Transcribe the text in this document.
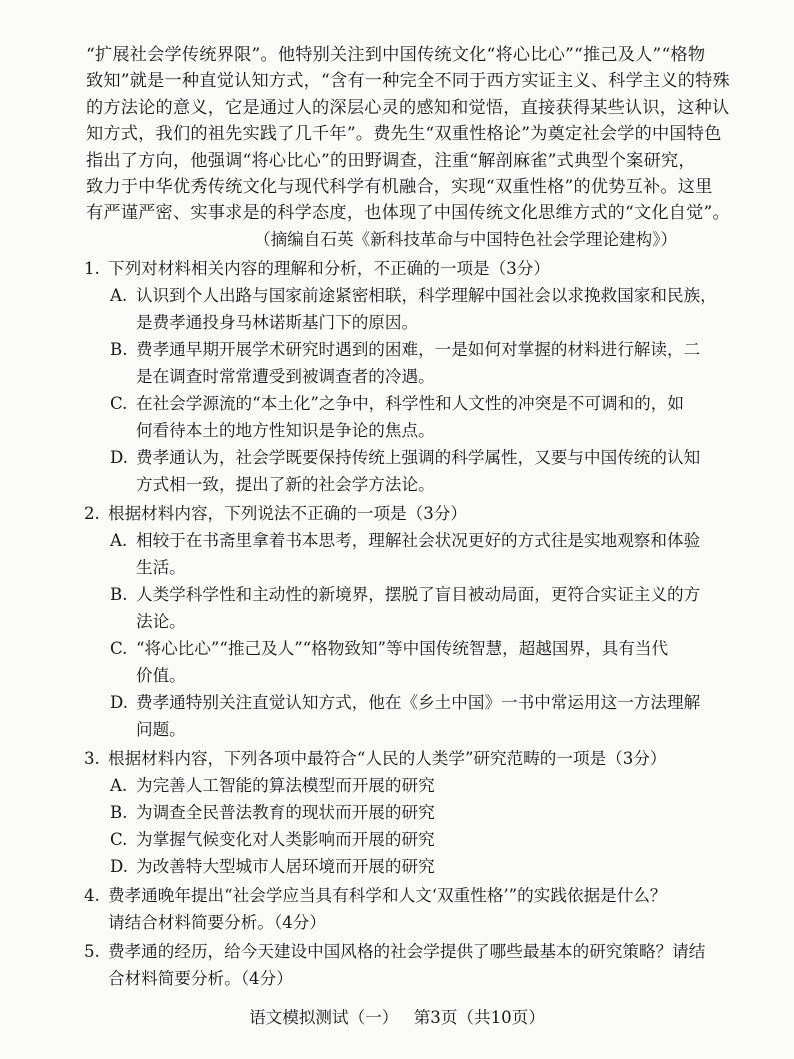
“扩展社会学传统界限”。他特别关注到中国传统文化“将心比心”“推己及人”“格物
致知”就是一种直觉认知方式，“含有一种完全不同于西方实证主义、科学主义的特殊
的方法论的意义，它是通过人的深层心灵的感知和觉悟，直接获得某些认识，这种认
知方式，我们的祖先实践了几千年”。费先生“双重性格论”为奠定社会学的中国特色
指出了方向，他强调“将心比心”的田野调查，注重“解剖麻雀”式典型个案研究，
致力于中华优秀传统文化与现代科学有机融合，实现“双重性格”的优势互补。这里
有严谨严密、实事求是的科学态度，也体现了中国传统文化思维方式的“文化自觉”。
（摘编自石英《新科技革命与中国特色社会学理论建构》）
1. 下列对材料相关内容的理解和分析，不正确的一项是（3分）
A. 认识到个人出路与国家前途紧密相联，科学理解中国社会以求挽救国家和民族，
是费孝通投身马林诺斯基门下的原因。
B. 费孝通早期开展学术研究时遇到的困难，一是如何对掌握的材料进行解读，二
是在调查时常常遭受到被调查者的冷遇。
C. 在社会学源流的“本土化”之争中，科学性和人文性的冲突是不可调和的，如
何看待本土的地方性知识是争论的焦点。
D. 费孝通认为，社会学既要保持传统上强调的科学属性，又要与中国传统的认知
方式相一致，提出了新的社会学方法论。
2. 根据材料内容，下列说法不正确的一项是（3分）
A. 相较于在书斋里拿着书本思考，理解社会状况更好的方式往是实地观察和体验
生活。
B. 人类学科学性和主动性的新境界，摆脱了盲目被动局面，更符合实证主义的方
法论。
C. “将心比心”“推己及人”“格物致知”等中国传统智慧，超越国界，具有当代
价值。
D. 费孝通特别关注直觉认知方式，他在《乡土中国》一书中常运用这一方法理解
问题。
3. 根据材料内容，下列各项中最符合“人民的人类学”研究范畴的一项是（3分）
A. 为完善人工智能的算法模型而开展的研究
B. 为调查全民普法教育的现状而开展的研究
C. 为掌握气候变化对人类影响而开展的研究
D. 为改善特大型城市人居环境而开展的研究
4. 费孝通晚年提出“社会学应当具有科学和人文‘双重性格’”的实践依据是什么？
请结合材料简要分析。（4分）
5. 费孝通的经历，给今天建设中国风格的社会学提供了哪些最基本的研究策略？请结
合材料简要分析。（4分）
语文模拟测试（一） 第3页（共10页）
